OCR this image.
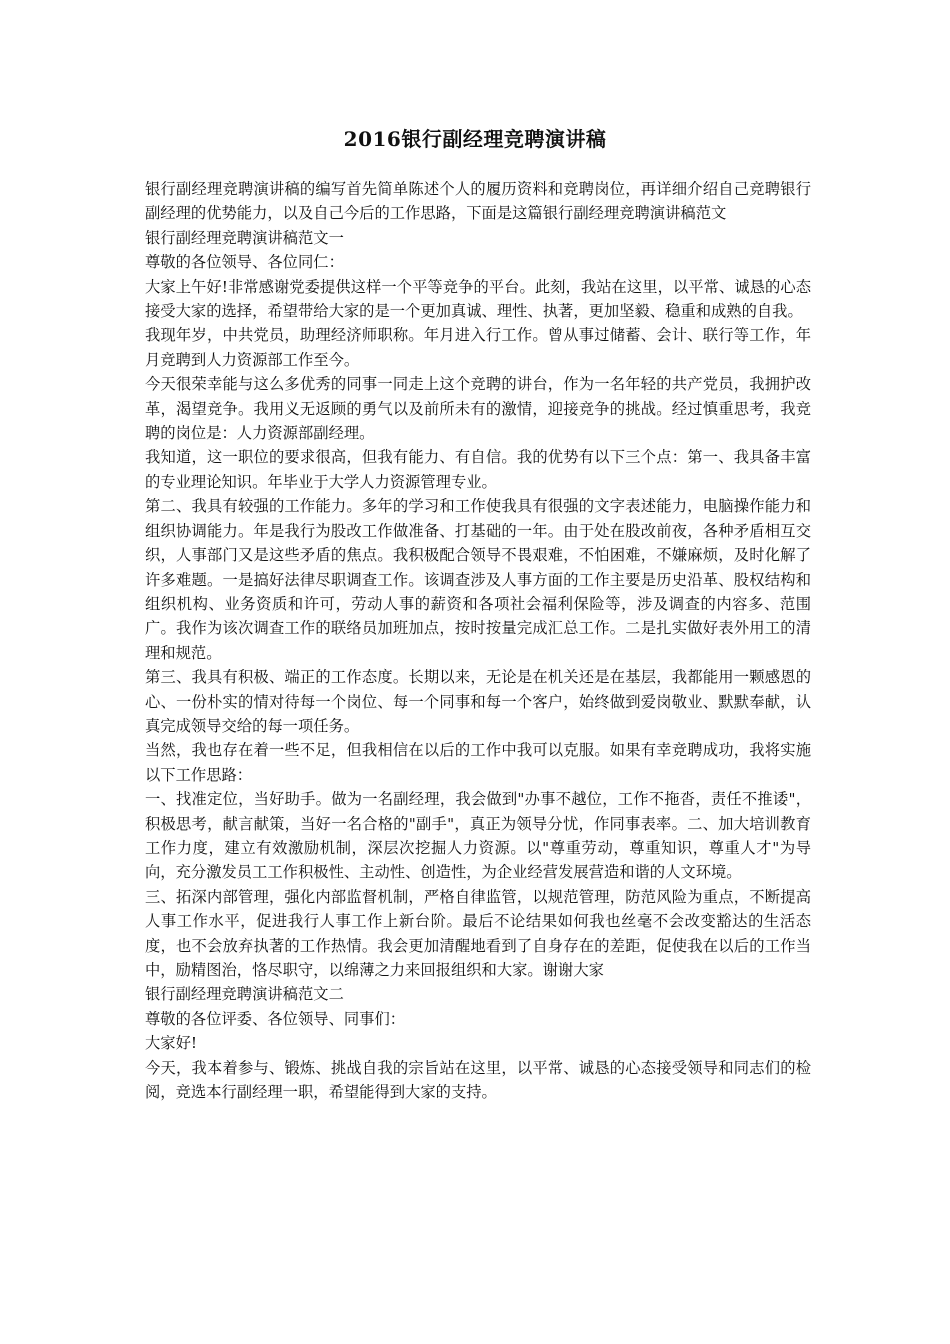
2016银行副经理竞聘演讲稿

银行副经理竞聘演讲稿的编写首先简单陈述个人的履历资料和竞聘岗位，再详细介绍自己竞聘银行副经理的优势能力，以及自己今后的工作思路，下面是这篇银行副经理竞聘演讲稿范文

银行副经理竞聘演讲稿范文一

尊敬的各位领导、各位同仁：

大家上午好!非常感谢党委提供这样一个平等竞争的平台。此刻，我站在这里，以平常、诚恳的心态接受大家的选择，希望带给大家的是一个更加真诚、理性、执著，更加坚毅、稳重和成熟的自我。

我现年岁，中共党员，助理经济师职称。年月进入行工作。曾从事过储蓄、会计、联行等工作，年月竞聘到人力资源部工作至今。

今天很荣幸能与这么多优秀的同事一同走上这个竞聘的讲台，作为一名年轻的共产党员，我拥护改革，渴望竞争。我用义无返顾的勇气以及前所未有的激情，迎接竞争的挑战。经过慎重思考，我竞聘的岗位是：人力资源部副经理。

我知道，这一职位的要求很高，但我有能力、有自信。我的优势有以下三个点：第一、我具备丰富的专业理论知识。年毕业于大学人力资源管理专业。

第二、我具有较强的工作能力。多年的学习和工作使我具有很强的文字表述能力，电脑操作能力和组织协调能力。年是我行为股改工作做准备、打基础的一年。由于处在股改前夜，各种矛盾相互交织，人事部门又是这些矛盾的焦点。我积极配合领导不畏艰难，不怕困难，不嫌麻烦，及时化解了许多难题。一是搞好法律尽职调查工作。该调查涉及人事方面的工作主要是历史沿革、股权结构和组织机构、业务资质和许可，劳动人事的薪资和各项社会福利保险等，涉及调查的内容多、范围广。我作为该次调查工作的联络员加班加点，按时按量完成汇总工作。二是扎实做好表外用工的清理和规范。

第三、我具有积极、端正的工作态度。长期以来，无论是在机关还是在基层，我都能用一颗感恩的心、一份朴实的情对待每一个岗位、每一个同事和每一个客户，始终做到爱岗敬业、默默奉献，认真完成领导交给的每一项任务。

当然，我也存在着一些不足，但我相信在以后的工作中我可以克服。如果有幸竞聘成功，我将实施以下工作思路：

一、找准定位，当好助手。做为一名副经理，我会做到"办事不越位，工作不拖沓，责任不推诿"，积极思考，献言献策，当好一名合格的"副手"，真正为领导分忧，作同事表率。二、加大培训教育工作力度，建立有效激励机制，深层次挖掘人力资源。以"尊重劳动，尊重知识，尊重人才"为导向，充分激发员工工作积极性、主动性、创造性，为企业经营发展营造和谐的人文环境。

三、拓深内部管理，强化内部监督机制，严格自律监管，以规范管理，防范风险为重点，不断提高人事工作水平，促进我行人事工作上新台阶。最后不论结果如何我也丝毫不会改变豁达的生活态度，也不会放弃执著的工作热情。我会更加清醒地看到了自身存在的差距，促使我在以后的工作当中，励精图治，恪尽职守，以绵薄之力来回报组织和大家。谢谢大家

银行副经理竞聘演讲稿范文二

尊敬的各位评委、各位领导、同事们：

大家好!

今天，我本着参与、锻炼、挑战自我的宗旨站在这里，以平常、诚恳的心态接受领导和同志们的检阅，竞选本行副经理一职，希望能得到大家的支持。
